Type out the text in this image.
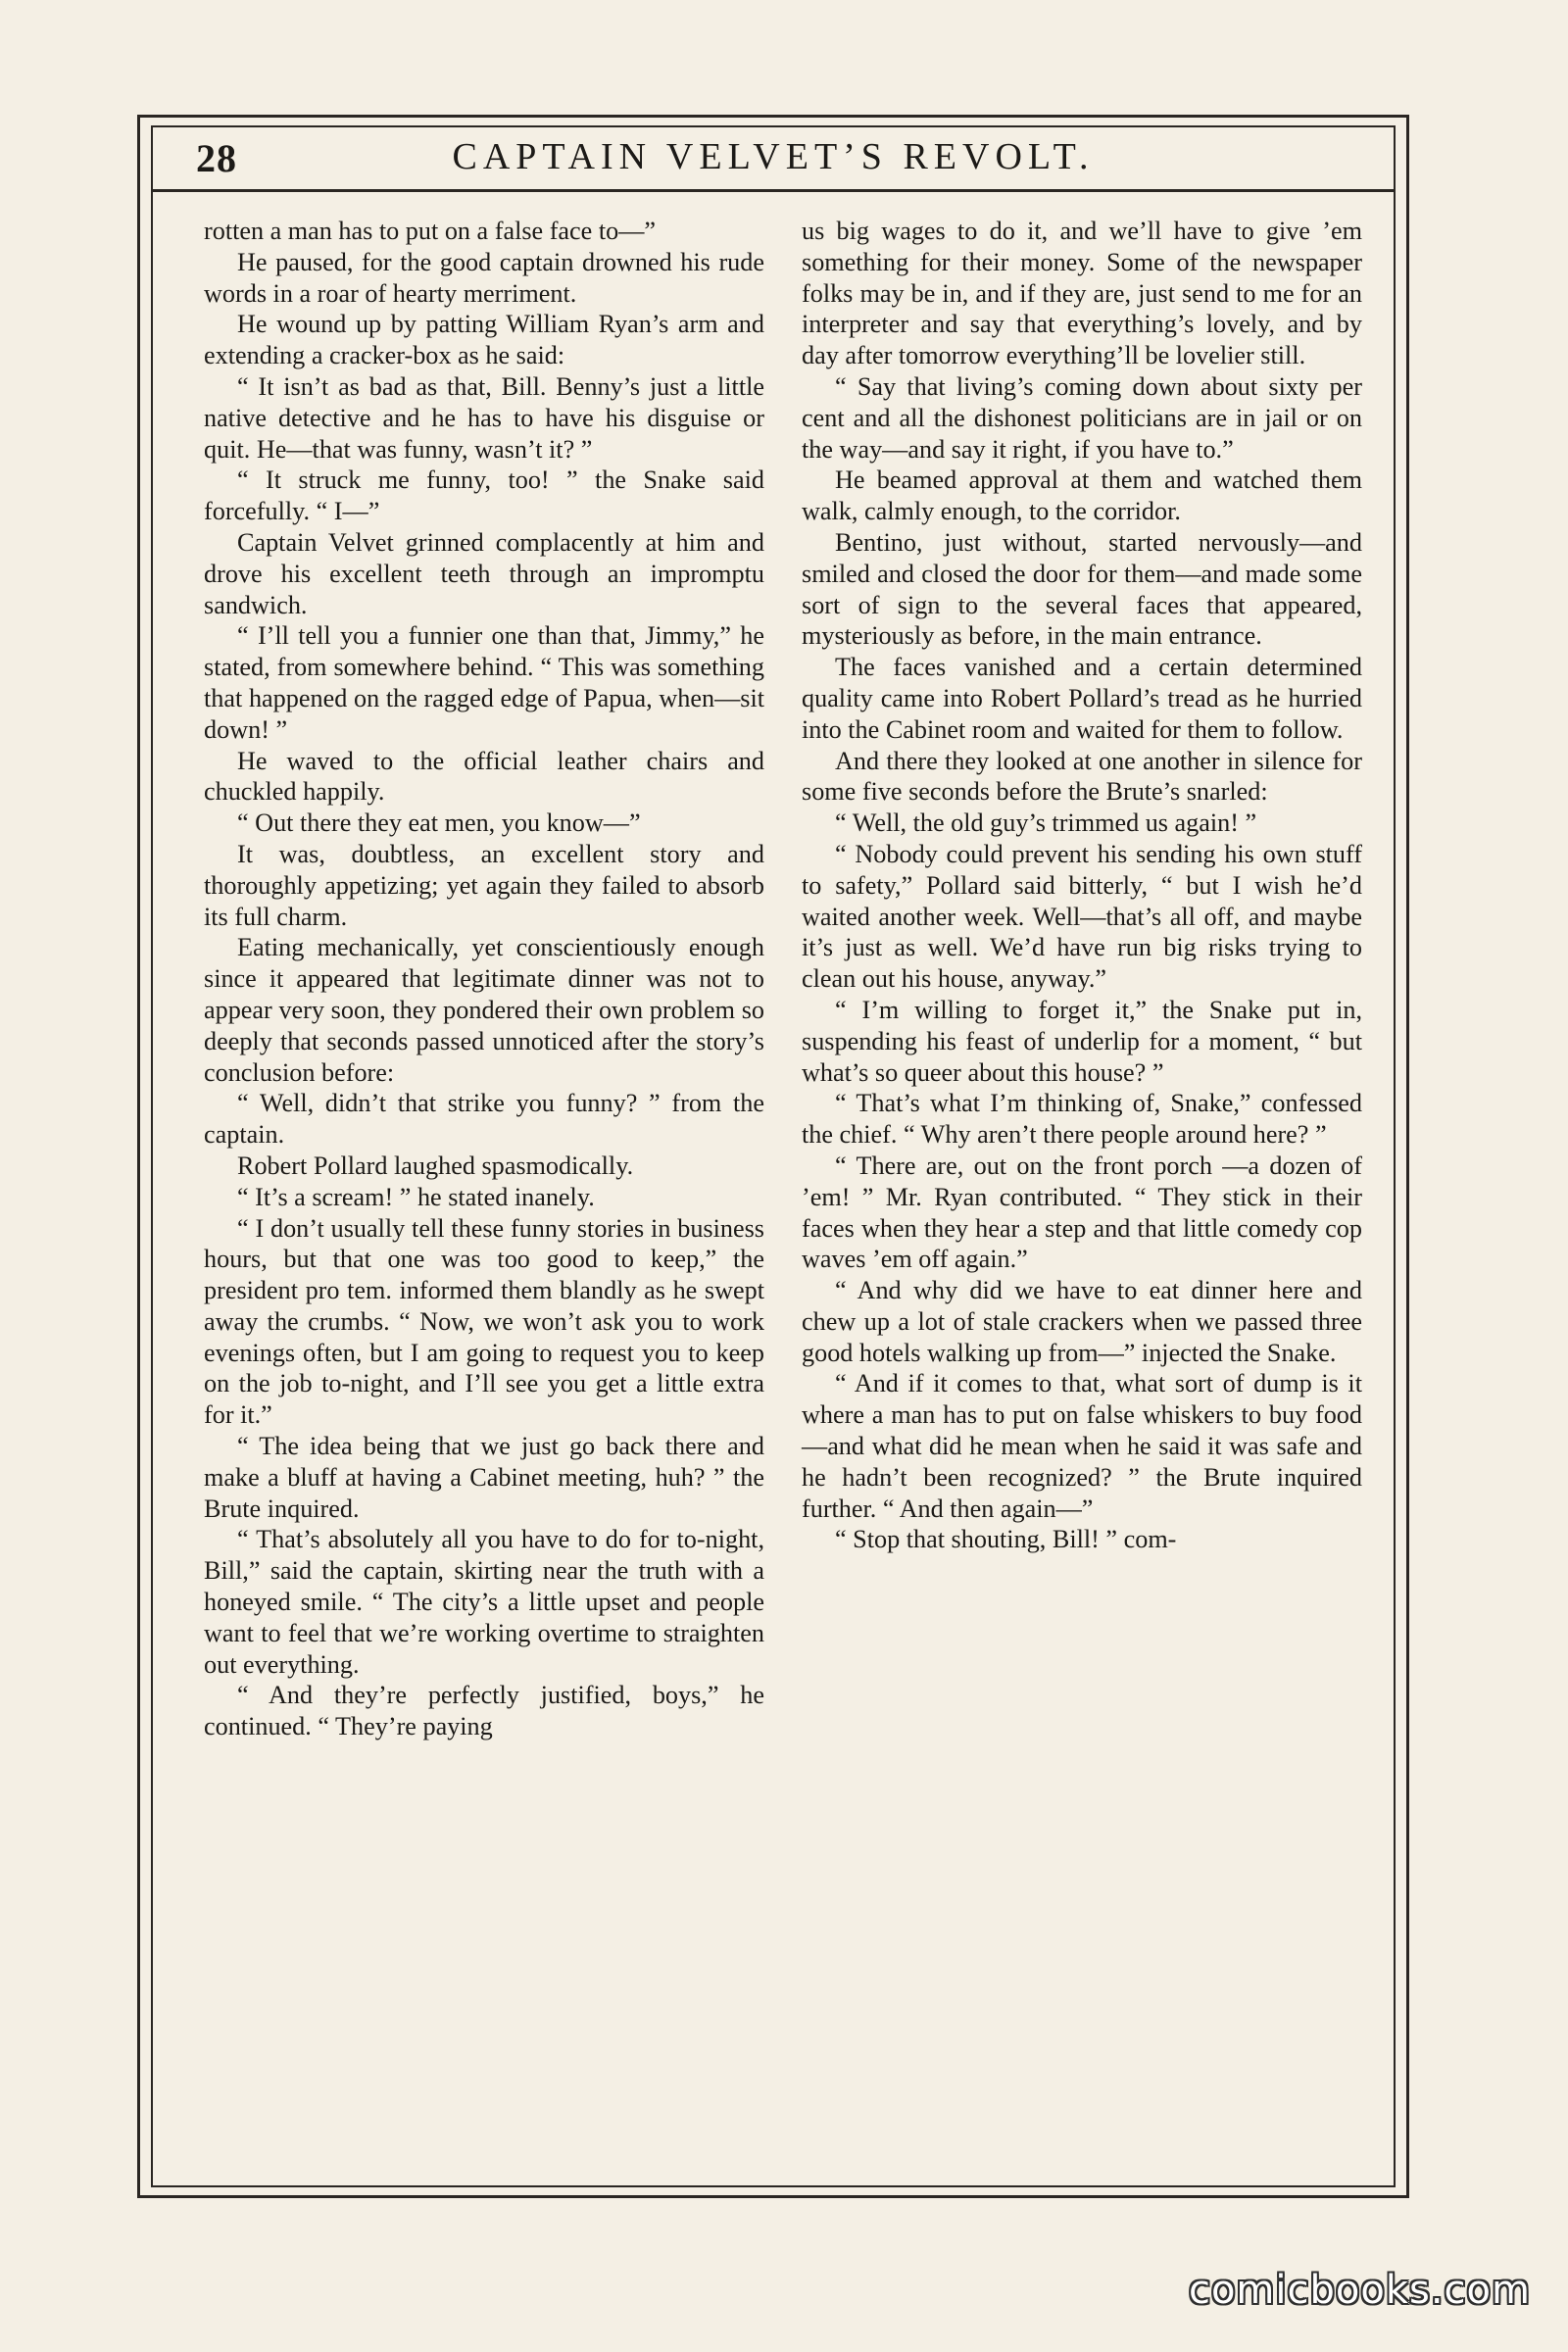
28	CAPTAIN VELVET’S REVOLT.

rotten a man has to put on a false face to—”

He paused, for the good captain drowned his rude words in a roar of hearty merriment.

He wound up by patting William Ryan’s arm and extending a cracker-box as he said:

“ It isn’t as bad as that, Bill. Benny’s just a little native detective and he has to have his disguise or quit. He—that was funny, wasn’t it? ”

“ It struck me funny, too! ” the Snake said forcefully. “ I—”

Captain Velvet grinned complacently at him and drove his excellent teeth through an impromptu sandwich.

“ I’ll tell you a funnier one than that, Jimmy,” he stated, from somewhere behind. “ This was something that happened on the ragged edge of Papua, when—sit down! ”

He waved to the official leather chairs and chuckled happily.

“ Out there they eat men, you know—”

It was, doubtless, an excellent story and thoroughly appetizing; yet again they failed to absorb its full charm.

Eating mechanically, yet conscientiously enough since it appeared that legitimate dinner was not to appear very soon, they pondered their own problem so deeply that seconds passed unnoticed after the story’s conclusion before:

“ Well, didn’t that strike you funny? ” from the captain.

Robert Pollard laughed spasmodically.

“ It’s a scream! ” he stated inanely.

“ I don’t usually tell these funny stories in business hours, but that one was too good to keep,” the president pro tem. informed them blandly as he swept away the crumbs. “ Now, we won’t ask you to work evenings often, but I am going to request you to keep on the job to-night, and I’ll see you get a little extra for it.”

“ The idea being that we just go back there and make a bluff at having a Cabinet meeting, huh? ” the Brute inquired.

“ That’s absolutely all you have to do for to-night, Bill,” said the captain, skirting near the truth with a honeyed smile. “ The city’s a little upset and people want to feel that we’re working overtime to straighten out everything.

“ And they’re perfectly justified, boys,” he continued. “ They’re paying

us big wages to do it, and we’ll have to give ’em something for their money. Some of the newspaper folks may be in, and if they are, just send to me for an interpreter and say that everything’s lovely, and by day after tomorrow everything’ll be lovelier still.

“ Say that living’s coming down about sixty per cent and all the dishonest politicians are in jail or on the way—and say it right, if you have to.”

He beamed approval at them and watched them walk, calmly enough, to the corridor.

Bentino, just without, started nervously—and smiled and closed the door for them—and made some sort of sign to the several faces that appeared, mysteriously as before, in the main entrance.

The faces vanished and a certain determined quality came into Robert Pollard’s tread as he hurried into the Cabinet room and waited for them to follow.

And there they looked at one another in silence for some five seconds before the Brute’s snarled:

“ Well, the old guy’s trimmed us again! ”

“ Nobody could prevent his sending his own stuff to safety,” Pollard said bitterly, “ but I wish he’d waited another week. Well—that’s all off, and maybe it’s just as well. We’d have run big risks trying to clean out his house, anyway.”

“ I’m willing to forget it,” the Snake put in, suspending his feast of underlip for a moment, “ but what’s so queer about this house? ”

“ That’s what I’m thinking of, Snake,” confessed the chief. “ Why aren’t there people around here? ”

“ There are, out on the front porch —a dozen of ’em! ” Mr. Ryan contributed. “ They stick in their faces when they hear a step and that little comedy cop waves ’em off again.”

“ And why did we have to eat dinner here and chew up a lot of stale crackers when we passed three good hotels walking up from—” injected the Snake.

“ And if it comes to that, what sort of dump is it where a man has to put on false whiskers to buy food—and what did he mean when he said it was safe and he hadn’t been recognized? ” the Brute inquired further. “ And then again—”

“ Stop that shouting, Bill! ” com-

comicbooks.com
